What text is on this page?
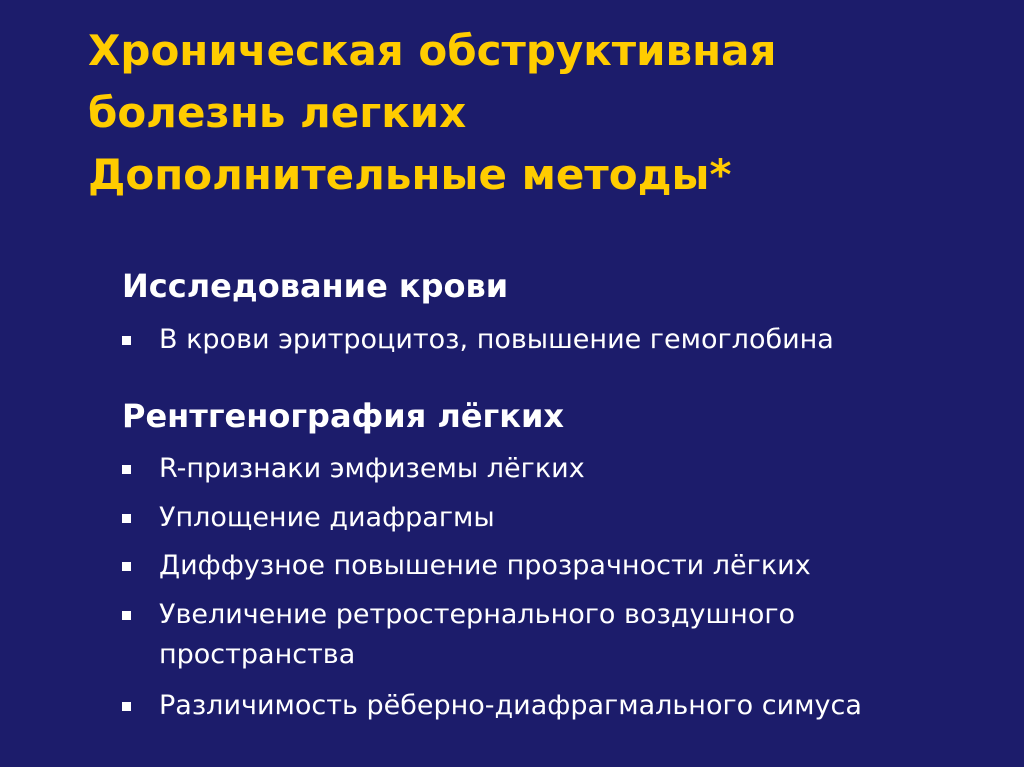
Хроническая обструктивная
болезнь легких
Дополнительные методы*
Исследование крови
В крови эритроцитоз, повышение гемоглобина
Рентгенография лёгких
R-признаки эмфиземы лёгких
Уплощение диафрагмы
Диффузное повышение прозрачности лёгких
Увеличение ретростернального воздушного пространства
Различимость рёберно-диафрагмального симуса
